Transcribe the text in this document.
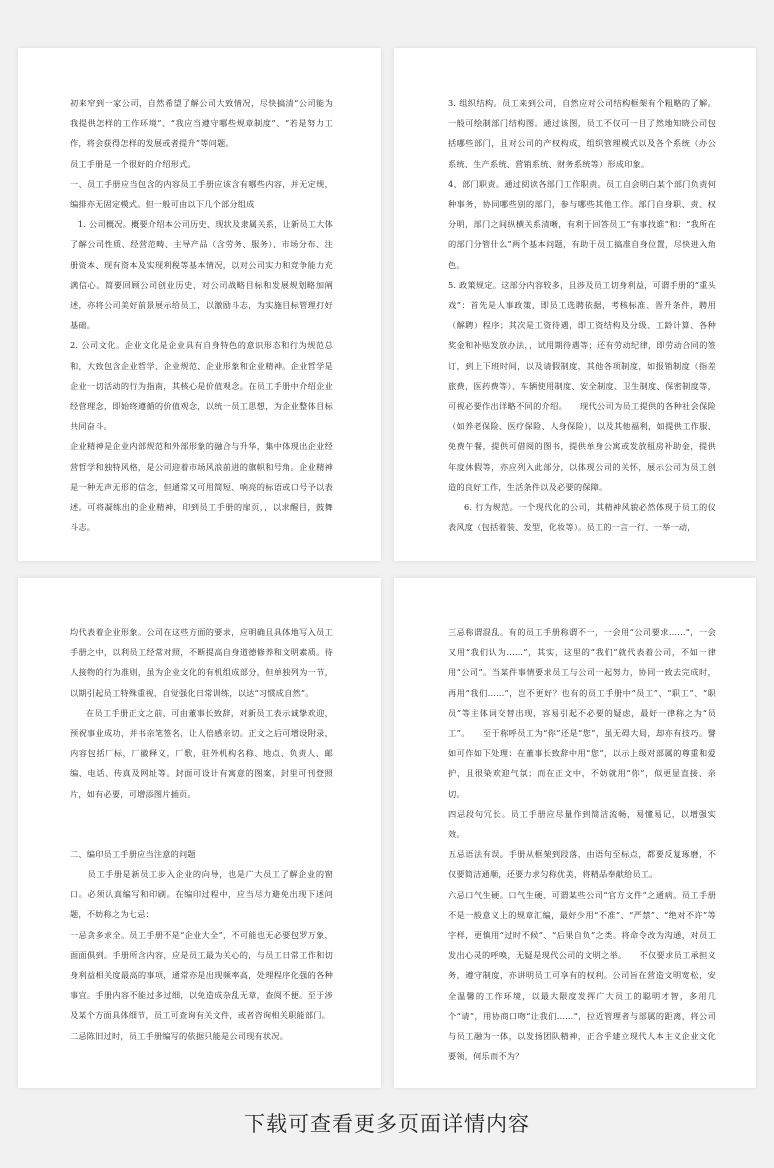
初来窄到一家公司，自然希望了解公司大致情况，尽快搞清“公司能为我提供怎样的工作环境”、“我应当遵守哪些规章制度”、“若是努力工作，将会获得怎样的发展或者提升”等问题。

员工手册是一个很好的介绍形式。

一、员工手册应当包含的内容员工手册应该含有哪些内容，并无定规，编排亦无固定模式。但一般可由以下几个部分组成

1. 公司概况。概要介绍本公司历史、现状及隶属关系，让新员工大体了解公司性质、经营范畴、主导产品（含劳务、服务）、市场分布、注册资本、现有资本及实现利税等基本情况，以对公司实力和竞争能力充满信心。简要回顾公司创业历史，对公司战略目标和发展规划略加阐述，亦将公司美好前景展示给员工，以激励斗志，为实施目标管理打好基础。

2. 公司文化。企业文化是企业具有自身特色的意识形态和行为规范总和，大致包含企业哲学、企业规范、企业形象和企业精神。企业哲学是企业一切活动的行为指南，其核心是价值观念。在员工手册中介绍企业经营理念，即始终遵循的价值观念，以统一员工思想，为企业整体目标共同奋斗。

企业精神是企业内部规范和外部形象的融合与升华，集中体现出企业经营哲学和独特风格，是公司迎着市场风浪前进的旗帜和号角。企业精神是一种无声无形的信念，但通常又可用简短、响亮的标语或口号予以表述。可将凝练出的企业精神，印到员工手册的扉页，，以求醒目，鼓舞斗志。

3. 组织结构。员工来到公司，自然应对公司结构框架有个粗略的了解。一般可绘制部门结构图。通过该图，员工不仅可一目了然地知晓公司包括哪些部门，且对公司的产权构成，组织管理模式以及各个系统（办公系统、生产系统、营销系统、财务系统等）形成印象。

4、部门职责。通过阅读各部门工作职责。员工自会明白某个部门负责何种事务，协同哪些别的部门，参与哪些其他工作。部门自身职、责、权分明，部门之间纵横关系清晰，有利于回答员工“有事找谁”和：“我所在的部门分管什么”两个基本问题，有助于员工搞准自身位置，尽快进入角色。

5. 政策规定。这部分内容较多，且涉及员工切身利益，可谓手册的“重头戏”：首先是人事政策，即员工选聘依据，考核标准、晋升条件，聘用（解聘）程序；其次是工资待遇，即工资结构及分级、工龄计算、各种奖金和补贴发放办法，，试用期待遇等；还有劳动纪律，即劳动合同的签订，到上下班时间，以及请假制度，其他各项制度，如报销制度（指差旅费，医药费等）、车辆使用制度、安全制度、卫生制度、保密制度等，可视必要作出详略不同的介绍。　　现代公司为员工提供的各种社会保险（如养老保险、医疗保险、人身保险），以及其他福利，如提供工作服、免费午餐，提供可借阅的图书，提供单身公寓或发放租房补助金，提供年度休假等，亦应列入此部分，以体现公司的关怀，展示公司为员工创造的良好工作，生活条件以及必要的保障。

6. 行为规范。一个现代化的公司，其精神风貌必然体现于员工的仪表风度（包括着装、发型，化妆等）。员工的一言一行、一举一动，

均代表着企业形象。公司在这些方面的要求，应明确且具体地写入员工手册之中，以利员工经常对照，不断提高自身道德修养和文明素质。待人接物的行为准则，虽为企业文化的有机组成部分，但单独列为一节，以期引起员工特殊重视，自觉强化日常训练，以达“习惯成自然”。

在员工手册正文之前，可由董事长致辞，对新员工表示诚挚欢迎，预祝事业成功，并书亲笔签名，让人倍感亲切。正文之后可增设附录，内容包括厂标，厂徽释义，厂歌，驻外机构名称、地点、负责人、邮编、电话、传真及网址等。封面可设计有寓意的图案，封里可刊登照片，如有必要，可增添图片插页。

二、编印员工手册应当注意的问题

　　员工手册是新员工步入企业的向导，也是广大员工了解企业的窗口。必须认真编写和印刷。在编印过程中，应当尽力避免出现下述问题，不妨称之为七忌：

一忌贪多求全。员工手册不是“企业大全”，不可能也无必要包罗万象，面面俱到。手册所含内容，应是员工最为关心的，与员工日常工作和切身利益相关度最高的事项，通常亦是出现频率高，处理程序化强的各种事宜。手册内容不能过多过细，以免造成杂乱无章，查阅不便。至于涉及某个方面具体细节，员工可查询有关文件，或者咨询相关职能部门。

二忌陈旧过时，员工手册编写的依据只能是公司现有状况。

三忌称谓混乱。有的员工手册称谓不一，一会用“公司要求……”，一会又用“我们认为……”，其实，这里的“我们”就代表着公司，不如一律用“公司”。当某件事情要求员工与公司一起努力，协同一致去完成时，再用“我们……”，岂不更好？也有的员工手册中“员工”、“职工”、“职员”等主体词交替出现，容易引起不必要的疑虑，最好一律称之为“员工”。　　至于称呼员工为“你”还是“您”，虽无碍大局，却亦有技巧。譬如可作如下处理：在董事长致辞中用“您”，以示上级对部属的尊重和爱护，且很染欢迎气氛；而在正文中，不妨就用“你”，似更显直接、亲切。

四忌段句冗长。员工手册应尽量作到简洁流畅，易懂易记，以增强实效。

五忌语法有误。手册从框架到段落，由语句至标点，都要反复琢磨，不仅要简洁通顺，还要力求匀称优美，将精品奉献给员工。

六忌口气生硬。口气生硬、可谓某些公司“官方文件”之通病。员工手册不是一般意义上的规章汇编，最好少用“不准”、“严禁”、“绝对不许”等字样，更慎用“过时不候”、“后果自负”之类。将命令改为沟通，对员工发出心灵的呼唤，无疑是现代公司的文明之举。　　不仅要求员工承担义务，遵守制度，亦讲明员工可享有的权利。公司旨在营造文明宽松，安全温馨的工作环境，以最大限度发挥广大员工的聪明才智，多用几个“请”，用协商口吻“让我们……”，拉近管理者与部属的距离，将公司与员工融为一体，以发扬团队精神，正合乎建立现代人本主义企业文化要领，何乐而不为？

下载可查看更多页面详情内容
